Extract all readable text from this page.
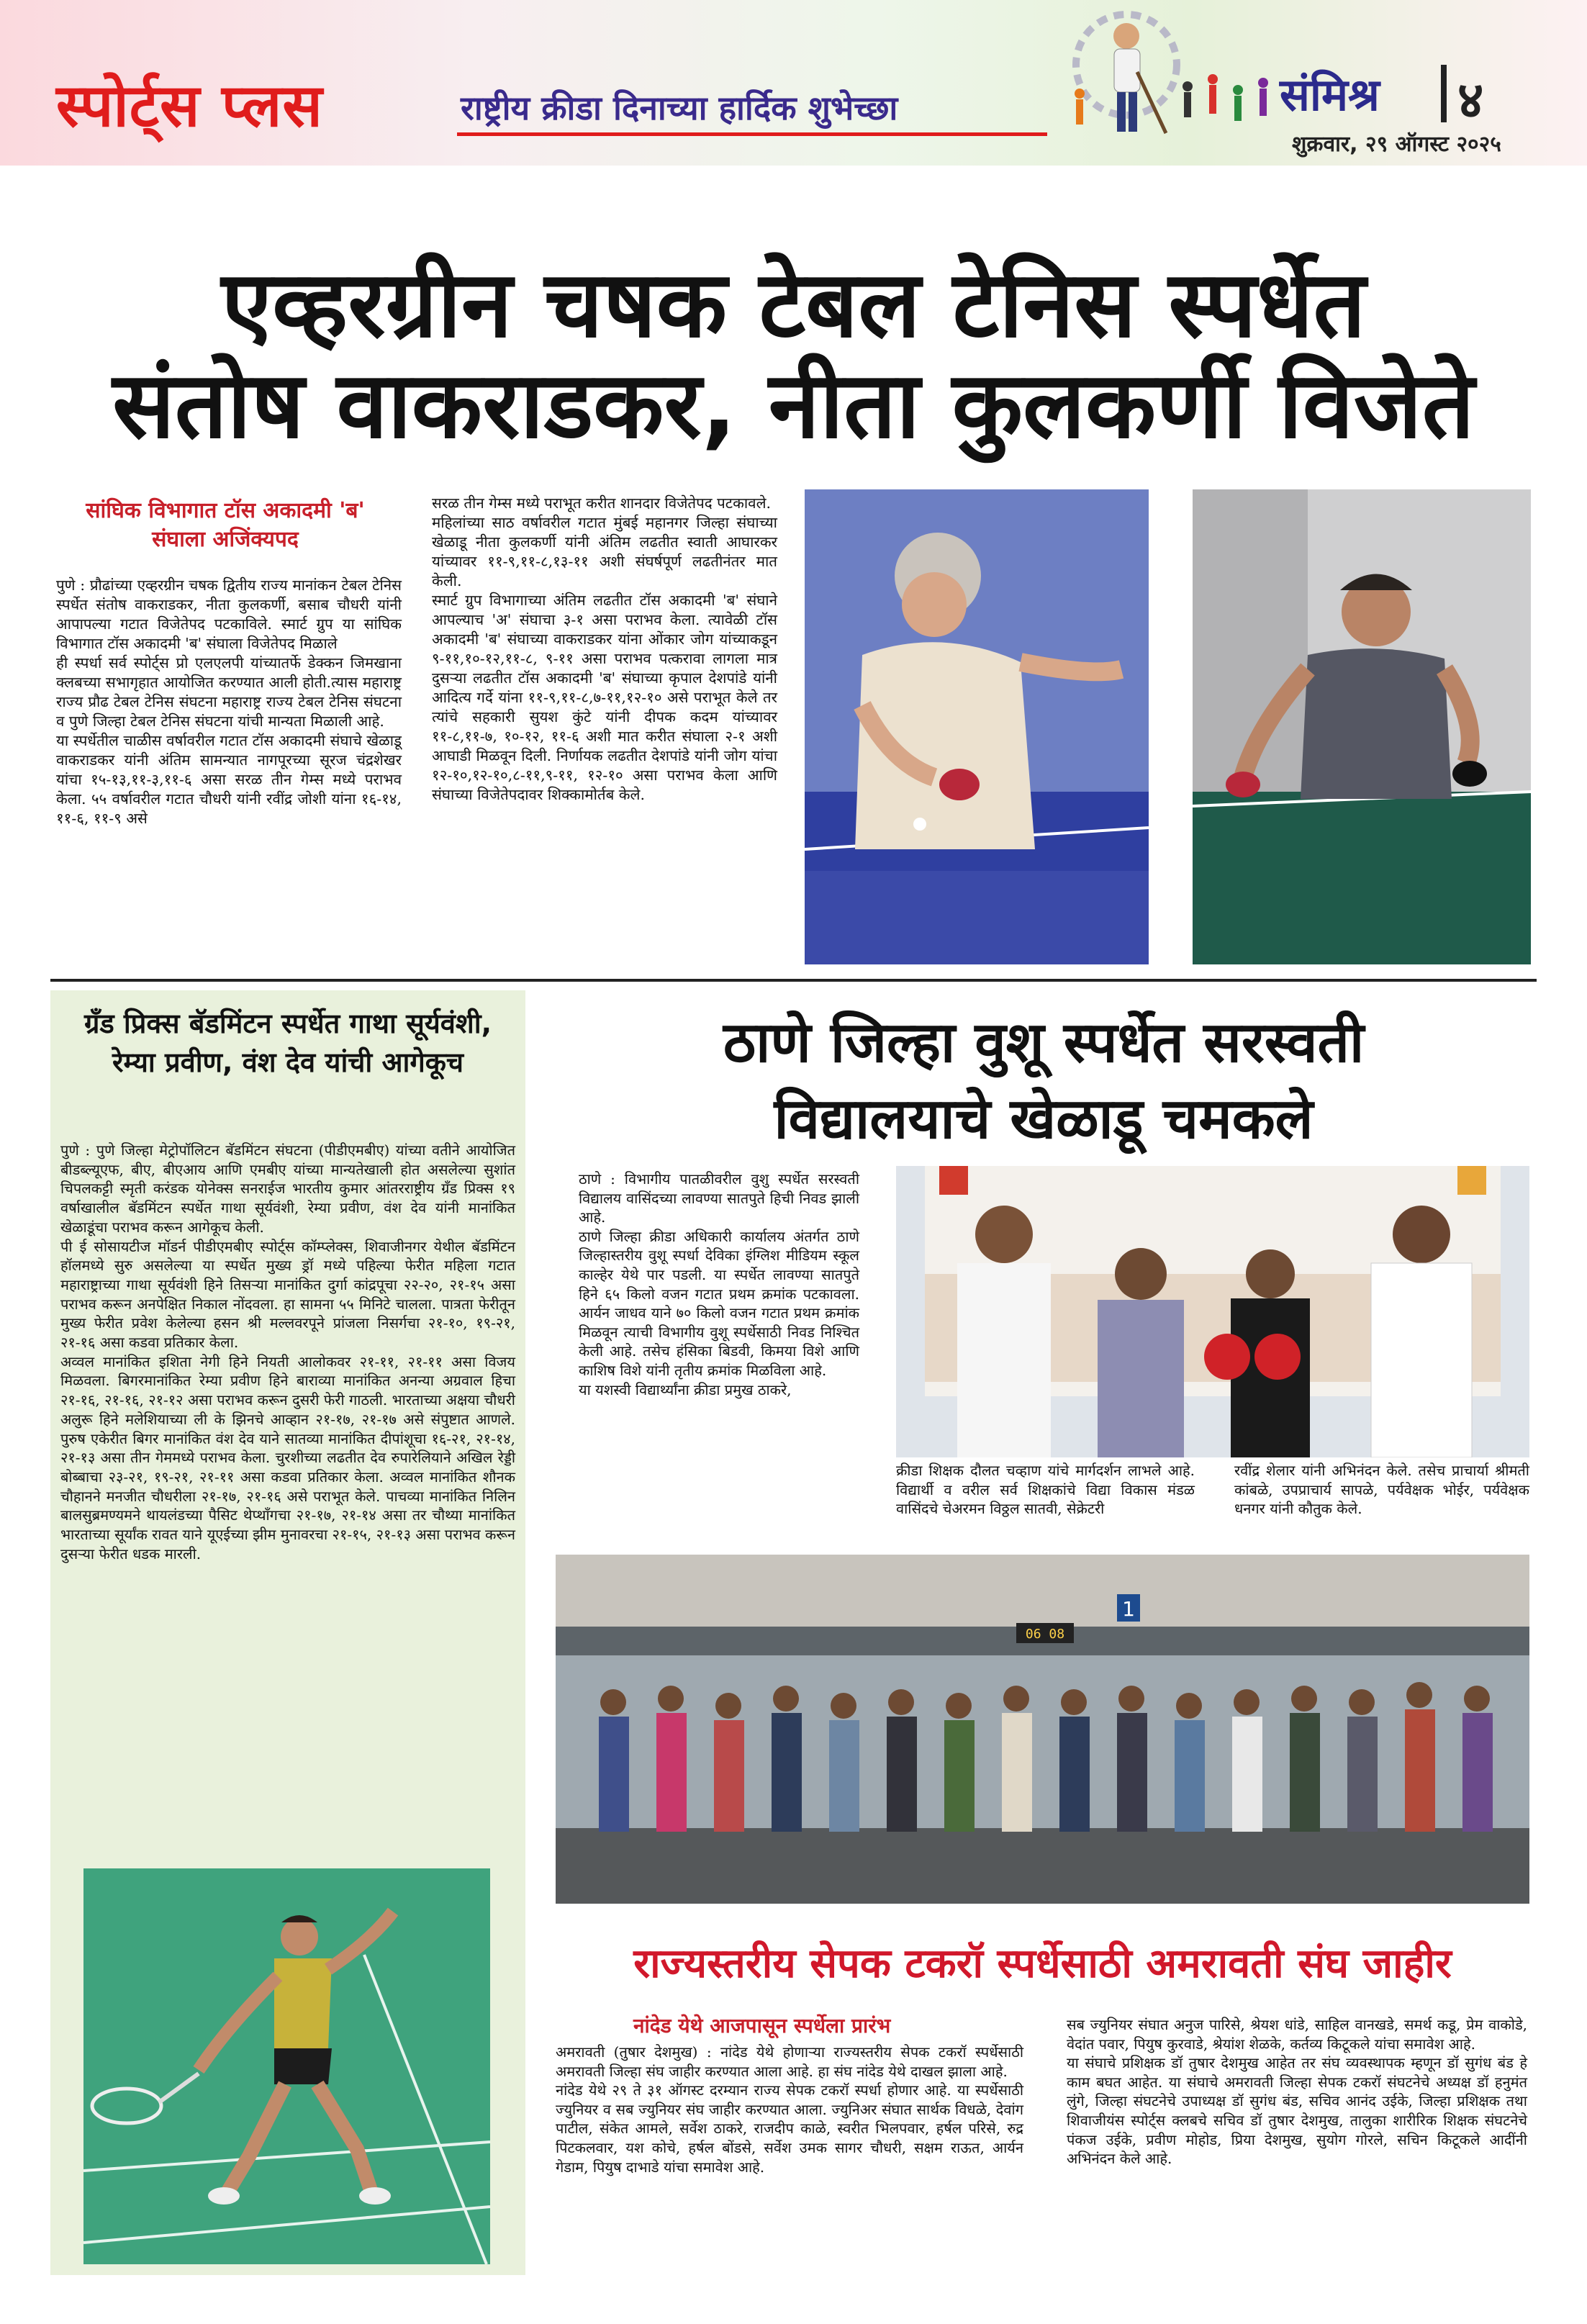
स्पोर्ट्स प्लस	राष्ट्रीय क्रीडा दिनाच्या हार्दिक शुभेच्छा	संमिश्र ४
शुक्रवार, २९ ऑगस्ट २०२५
एव्हरग्रीन चषक टेबल टेनिस स्पर्धेत
संतोष वाकराडकर, नीता कुलकर्णी विजेते
सांघिक विभागात टॉस अकादमी 'ब' संघाला अजिंक्यपद
पुणे : प्रौढांच्या एव्हरग्रीन चषक द्वितीय राज्य मानांकन टेबल टेनिस स्पर्धेत संतोष वाकराडकर, नीता कुलकर्णी, बसाब चौधरी यांनी आपापल्या गटात विजेतेपद पटकाविले. स्मार्ट ग्रुप या सांघिक विभागात टॉस अकादमी 'ब' संघाला विजेतेपद मिळाले
ही स्पर्धा सर्व स्पोर्ट्स प्रो एलएलपी यांच्यातर्फे डेक्कन जिमखाना क्लबच्या सभागृहात आयोजित करण्यात आली होती.त्यास महाराष्ट्र राज्य प्रौढ टेबल टेनिस संघटना महाराष्ट्र राज्य टेबल टेनिस संघटना व पुणे जिल्हा टेबल टेनिस संघटना यांची मान्यता मिळाली आहे.
या स्पर्धेतील चाळीस वर्षावरील गटात टॉस अकादमी संघाचे खेळाडू वाकराडकर यांनी अंतिम सामन्यात नागपूरच्या सूरज चंद्रशेखर यांचा १५-१३,११-३,११-६ असा सरळ तीन गेम्स मध्ये पराभव केला. ५५ वर्षावरील गटात चौधरी यांनी रवींद्र जोशी यांना १६-१४, ११-६, ११-९ असे
सरळ तीन गेम्स मध्ये पराभूत करीत शानदार विजेतेपद पटकावले.
महिलांच्या साठ वर्षावरील गटात मुंबई महानगर जिल्हा संघाच्या खेळाडू नीता कुलकर्णी यांनी अंतिम लढतीत स्वाती आघारकर यांच्यावर ११-९,११-८,१३-११ अशी संघर्षपूर्ण लढतीनंतर मात केली.
स्मार्ट ग्रुप विभागाच्या अंतिम लढतीत टॉस अकादमी 'ब' संघाने आपल्याच 'अ' संघाचा ३-१ असा पराभव केला. त्यावेळी टॉस अकादमी 'ब' संघाच्या वाकराडकर यांना ओंकार जोग यांच्याकडून ९-११,१०-१२,११-८, ९-११ असा पराभव पत्करावा लागला मात्र दुसऱ्या लढतीत टॉस अकादमी 'ब' संघाच्या कृपाल देशपांडे यांनी आदित्य गर्दे यांना ११-९,११-८,७-११,१२-१० असे पराभूत केले तर त्यांचे सहकारी सुयश कुंटे यांनी दीपक कदम यांच्यावर ११-८,११-७, १०-१२, ११-६ अशी मात करीत संघाला २-१ अशी आघाडी मिळवून दिली. निर्णायक लढतीत देशपांडे यांनी जोग यांचा १२-१०,१२-१०,८-११,९-११, १२-१० असा पराभव केला आणि संघाच्या विजेतेपदावर शिक्कामोर्तब केले.
ग्रँड प्रिक्स बॅडमिंटन स्पर्धेत गाथा सूर्यवंशी, रेम्या प्रवीण, वंश देव यांची आगेकूच
पुणे : पुणे जिल्हा मेट्रोपॉलिटन बॅडमिंटन संघटना (पीडीएमबीए) यांच्या वतीने आयोजित बीडब्ल्यूएफ, बीए, बीएआय आणि एमबीए यांच्या मान्यतेखाली होत असलेल्या सुशांत चिपलकट्टी स्मृती करंडक योनेक्स सनराईज भारतीय कुमार आंतरराष्ट्रीय ग्रँड प्रिक्स १९ वर्षाखालील बॅडमिंटन स्पर्धेत गाथा सूर्यवंशी, रेम्या प्रवीण, वंश देव यांनी मानांकित खेळाडूंचा पराभव करून आगेकूच केली.
पी ई सोसायटीज मॉडर्न पीडीएमबीए स्पोर्ट्स कॉम्प्लेक्स, शिवाजीनगर येथील बॅडमिंटन हॉलमध्ये सुरु असलेल्या या स्पर्धेत मुख्य ड्रॉ मध्ये पहिल्या फेरीत महिला गटात महाराष्ट्राच्या गाथा सूर्यवंशी हिने तिसऱ्या मानांकित दुर्गा कांद्रपूचा २२-२०, २१-१५ असा पराभव करून अनपेक्षित निकाल नोंदवला. हा सामना ५५ मिनिटे चालला. पात्रता फेरीतून मुख्य फेरीत प्रवेश केलेल्या हसन श्री मल्लवरपूने प्रांजला निसर्गचा २१-१०, १९-२१, २१-१६ असा कडवा प्रतिकार केला.
अव्वल मानांकित इशिता नेगी हिने नियती आलोकवर २१-११, २१-११ असा विजय मिळवला. बिगरमानांकित रेम्या प्रवीण हिने बाराव्या मानांकित अनन्या अग्रवाल हिचा २१-१६, २१-१६, २१-१२ असा पराभव करून दुसरी फेरी गाठली. भारताच्या अक्षया चौधरी अलुरू हिने मलेशियाच्या ली के झिनचे आव्हान २१-१७, २१-१७ असे संपुष्टात आणले. पुरुष एकेरीत बिगर मानांकित वंश देव याने सातव्या मानांकित दीपांशूचा १६-२१, २१-१४, २१-१३ असा तीन गेममध्ये पराभव केला. चुरशीच्या लढतीत देव रुपारेलियाने अखिल रेड्डी बोब्बाचा २३-२१, १९-२१, २१-११ असा कडवा प्रतिकार केला. अव्वल मानांकित शौनक चौहानने मनजीत चौधरीला २१-१७, २१-१६ असे पराभूत केले. पाचव्या मानांकित निलिन बालसुब्रमण्यमने थायलंडच्या पैसिट थेप्थॉंगचा २१-१७, २१-१४ असा तर चौथ्या मानांकित भारताच्या सूर्यांक रावत याने यूएईच्या झीम मुनावरचा २१-१५, २१-१३ असा पराभव करून दुसऱ्या फेरीत धडक मारली.
ठाणे जिल्हा वुशू स्पर्धेत सरस्वती
विद्यालयाचे खेळाडू चमकले
ठाणे : विभागीय पातळीवरील वुशु स्पर्धेत सरस्वती विद्यालय वासिंदच्या लावण्या सातपुते हिची निवड झाली आहे.
ठाणे जिल्हा क्रीडा अधिकारी कार्यालय अंतर्गत ठाणे जिल्हास्तरीय वुशू स्पर्धा देविका इंग्लिश मीडियम स्कूल काल्हेर येथे पार पडली. या स्पर्धेत लावण्या सातपुते हिने ६५ किलो वजन गटात प्रथम क्रमांक पटकावला. आर्यन जाधव याने ७० किलो वजन गटात प्रथम क्रमांक मिळवून त्याची विभागीय वुशू स्पर्धेसाठी निवड निश्चित केली आहे. तसेच हंसिका बिडवी, किमया विशे आणि काशिष विशे यांनी तृतीय क्रमांक मिळविला आहे.
या यशस्वी विद्यार्थ्यांना क्रीडा प्रमुख ठाकरे,
क्रीडा शिक्षक दौलत चव्हाण यांचे मार्गदर्शन लाभले आहे. विद्यार्थी व वरील सर्व शिक्षकांचे विद्या विकास मंडळ वासिंदचे चेअरमन विठ्ठल सातवी, सेक्रेटरी
रवींद्र शेलार यांनी अभिनंदन केले. तसेच प्राचार्या श्रीमती कांबळे, उपप्राचार्य सापळे, पर्यवेक्षक भोईर, पर्यवेक्षक धनगर यांनी कौतुक केले.
1
06 08
राज्यस्तरीय सेपक टकरॉ स्पर्धेसाठी अमरावती संघ जाहीर
नांदेड येथे आजपासून स्पर्धेला प्रारंभ
अमरावती (तुषार देशमुख) : नांदेड येथे होणाऱ्या राज्यस्तरीय सेपक टकरॉ स्पर्धेसाठी अमरावती जिल्हा संघ जाहीर करण्यात आला आहे. हा संघ नांदेड येथे दाखल झाला आहे.
नांदेड येथे २९ ते ३१ ऑगस्ट दरम्यान राज्य सेपक टकरॉ स्पर्धा होणार आहे. या स्पर्धेसाठी ज्युनियर व सब ज्युनियर संघ जाहीर करण्यात आला. ज्युनिअर संघात सार्थक विधळे, देवांग पाटील, संकेत आमले, सर्वेश ठाकरे, राजदीप काळे, स्वरीत भिलपवार, हर्षल परिसे, रुद्र पिटकलवार, यश कोचे, हर्षल बोंडसे, सर्वेश उमक सागर चौधरी, सक्षम राऊत, आर्यन गेडाम, पियुष दाभाडे यांचा समावेश आहे.
सब ज्युनियर संघात अनुज पारिसे, श्रेयश धांडे, साहिल वानखडे, समर्थ कडू, प्रेम वाकोडे, वेदांत पवार, पियुष कुरवाडे, श्रेयांश शेळके, कर्तव्य किटूकले यांचा समावेश आहे.
या संघाचे प्रशिक्षक डॉ तुषार देशमुख आहेत तर संघ व्यवस्थापक म्हणून डॉ सुगंध बंड हे काम बघत आहेत. या संघाचे अमरावती जिल्हा सेपक टकरॉ संघटनेचे अध्यक्ष डॉ हनुमंत लुंगे, जिल्हा संघटनेचे उपाध्यक्ष डॉ सुगंध बंड, सचिव आनंद उईके, जिल्हा प्रशिक्षक तथा शिवाजीयंस स्पोर्ट्स क्लबचे सचिव डॉ तुषार देशमुख, तालुका शारीरिक शिक्षक संघटनेचे पंकज उईके, प्रवीण मोहोड, प्रिया देशमुख, सुयोग गोरले, सचिन किटूकले आदींनी अभिनंदन केले आहे.
